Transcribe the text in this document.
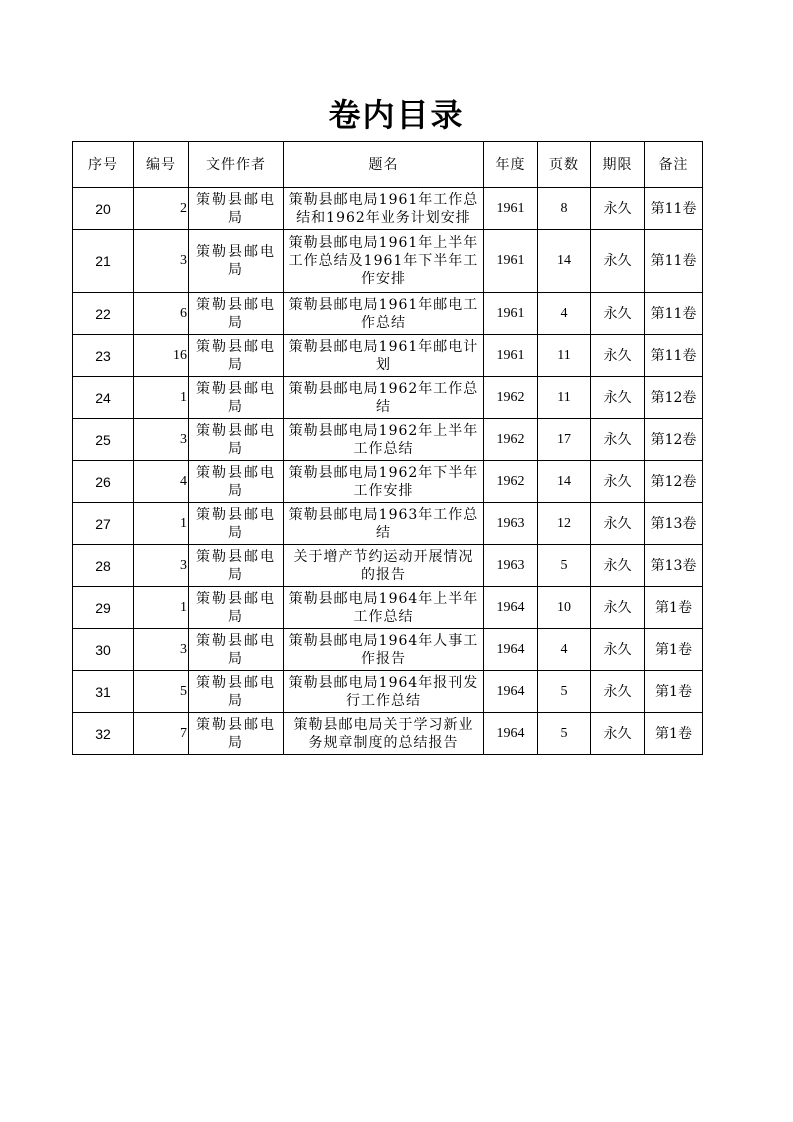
卷内目录
序号	编号	文件作者	题名	年度	页数	期限	备注
20	2	策勒县邮电局	策勒县邮电局1961年工作总结和1962年业务计划安排	1961	8	永久	第11卷
21	3	策勒县邮电局	策勒县邮电局1961年上半年工作总结及1961年下半年工作安排	1961	14	永久	第11卷
22	6	策勒县邮电局	策勒县邮电局1961年邮电工作总结	1961	4	永久	第11卷
23	16	策勒县邮电局	策勒县邮电局1961年邮电计划	1961	11	永久	第11卷
24	1	策勒县邮电局	策勒县邮电局1962年工作总结	1962	11	永久	第12卷
25	3	策勒县邮电局	策勒县邮电局1962年上半年工作总结	1962	17	永久	第12卷
26	4	策勒县邮电局	策勒县邮电局1962年下半年工作安排	1962	14	永久	第12卷
27	1	策勒县邮电局	策勒县邮电局1963年工作总结	1963	12	永久	第13卷
28	3	策勒县邮电局	关于增产节约运动开展情况的报告	1963	5	永久	第13卷
29	1	策勒县邮电局	策勒县邮电局1964年上半年工作总结	1964	10	永久	第1卷
30	3	策勒县邮电局	策勒县邮电局1964年人事工作报告	1964	4	永久	第1卷
31	5	策勒县邮电局	策勒县邮电局1964年报刊发行工作总结	1964	5	永久	第1卷
32	7	策勒县邮电局	策勒县邮电局关于学习新业务规章制度的总结报告	1964	5	永久	第1卷
